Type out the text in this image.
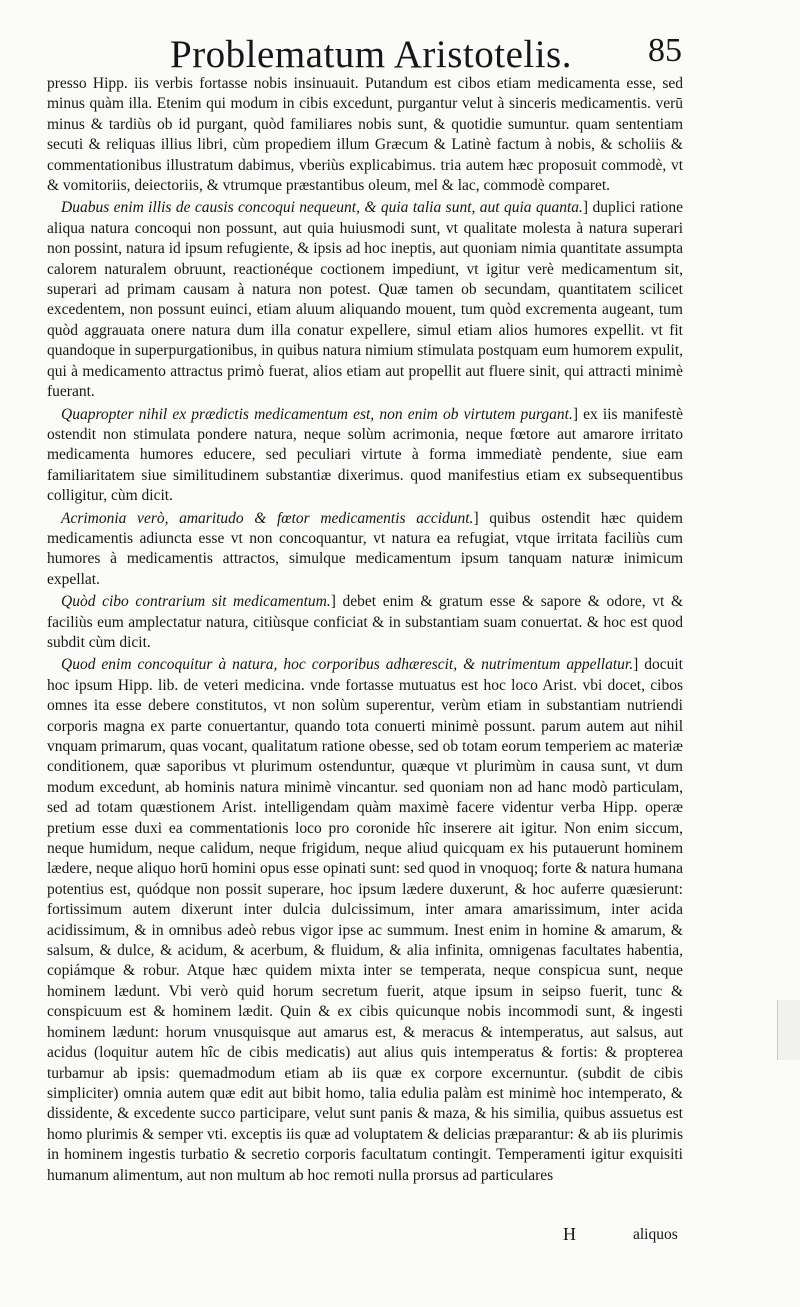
Problematum Aristotelis. 85

presso Hipp. iis verbis fortasse nobis insinuauit. Putandum est cibos etiam medicamenta esse, sed minus quàm illa. Etenim qui modum in cibis excedunt, purgantur velut à sinceris medicamentis. verū minus & tardiùs ob id purgant, quòd familiares nobis sunt, & quotidie sumuntur. quam sententiam secuti & reliquas illius libri, cùm propediem illum Græcum & Latinè factum à nobis, & scholiis & commentationibus illustratum dabimus, vberiùs explicabimus. tria autem hæc proposuit commodè, vt & vomitoriis, deiectoriis, & vtrumque præstantibus oleum, mel & lac, commodè comparet.

Duabus enim illis de causis concoqui nequeunt, & quia talia sunt, aut quia quanta.] duplici ratione aliqua natura concoqui non possunt, aut quia huiusmodi sunt, vt qualitate molesta à natura superari non possint, natura id ipsum refugiente, & ipsis ad hoc ineptis, aut quoniam nimia quantitate assumpta calorem naturalem obruunt, reactionéque coctionem impediunt, vt igitur verè medicamentum sit, superari ad primam causam à natura non potest. Quæ tamen ob secundam, quantitatem scilicet excedentem, non possunt euinci, etiam aluum aliquando mouent, tum quòd excrementa augeant, tum quòd aggrauata onere natura dum illa conatur expellere, simul etiam alios humores expellit. vt fit quandoque in superpurgationibus, in quibus natura nimium stimulata postquam eum humorem expulit, qui à medicamento attractus primò fuerat, alios etiam aut propellit aut fluere sinit, qui attracti minimè fuerant.

Quapropter nihil ex prædictis medicamentum est, non enim ob virtutem purgant.] ex iis manifestè ostendit non stimulata pondere natura, neque solùm acrimonia, neque fœtore aut amarore irritato medicamenta humores educere, sed peculiari virtute à forma immediatè pendente, siue eam familiaritatem siue similitudinem substantiæ dixerimus. quod manifestius etiam ex subsequentibus colligitur, cùm dicit.

Acrimonia verò, amaritudo & fœtor medicamentis accidunt.] quibus ostendit hæc quidem medicamentis adiuncta esse vt non concoquantur, vt natura ea refugiat, vtque irritata faciliùs cum humores à medicamentis attractos, simulque medicamentum ipsum tanquam naturæ inimicum expellat.

Quòd cibo contrarium sit medicamentum.] debet enim & gratum esse & sapore & odore, vt & faciliùs eum amplectatur natura, citiùsque conficiat & in substantiam suam conuertat. & hoc est quod subdit cùm dicit.

Quod enim concoquitur à natura, hoc corporibus adhærescit, & nutrimentum appellatur.] docuit hoc ipsum Hipp. lib. de veteri medicina. vnde fortasse mutuatus est hoc loco Arist. vbi docet, cibos omnes ita esse debere constitutos, vt non solùm superentur, verùm etiam in substantiam nutriendi corporis magna ex parte conuertantur, quando tota conuerti minimè possunt. parum autem aut nihil vnquam primarum, quas vocant, qualitatum ratione obesse, sed ob totam eorum temperiem ac materiæ conditionem, quæ saporibus vt plurimum ostenduntur, quæque vt plurimùm in causa sunt, vt dum modum excedunt, ab hominis natura minimè vincantur. sed quoniam non ad hanc modò particulam, sed ad totam quæstionem Arist. intelligendam quàm maximè facere videntur verba Hipp. operæ pretium esse duxi ea commentationis loco pro coronide hîc inserere ait igitur. Non enim siccum, neque humidum, neque calidum, neque frigidum, neque aliud quicquam ex his putauerunt hominem lædere, neque aliquo horū homini opus esse opinati sunt: sed quod in vnoquoq; forte & natura humana potentius est, quódque non possit superare, hoc ipsum lædere duxerunt, & hoc auferre quæsierunt: fortissimum autem dixerunt inter dulcia dulcissimum, inter amara amarissimum, inter acida acidissimum, & in omnibus adeò rebus vigor ipse ac summum. Inest enim in homine & amarum, & salsum, & dulce, & acidum, & acerbum, & fluidum, & alia infinita, omnigenas facultates habentia, copiámque & robur. Atque hæc quidem mixta inter se temperata, neque conspicua sunt, neque hominem lædunt. Vbi verò quid horum secretum fuerit, atque ipsum in seipso fuerit, tunc & conspicuum est & hominem lædit. Quin & ex cibis quicunque nobis incommodi sunt, & ingesti hominem lædunt: horum vnusquisque aut amarus est, & meracus & intemperatus, aut salsus, aut acidus (loquitur autem hîc de cibis medicatis) aut alius quis intemperatus & fortis: & propterea turbamur ab ipsis: quemadmodum etiam ab iis quæ ex corpore excernuntur. (subdit de cibis simpliciter) omnia autem quæ edit aut bibit homo, talia edulia palàm est minimè hoc intemperato, & dissidente, & excedente succo participare, velut sunt panis & maza, & his similia, quibus assuetus est homo plurimis & semper vti. exceptis iis quæ ad voluptatem & delicias præparantur: & ab iis plurimis in hominem ingestis turbatio & secretio corporis facultatum contingit. Temperamenti igitur exquisiti humanum alimentum, aut non multum ab hoc remoti nulla prorsus ad particulares

H	aliquos
